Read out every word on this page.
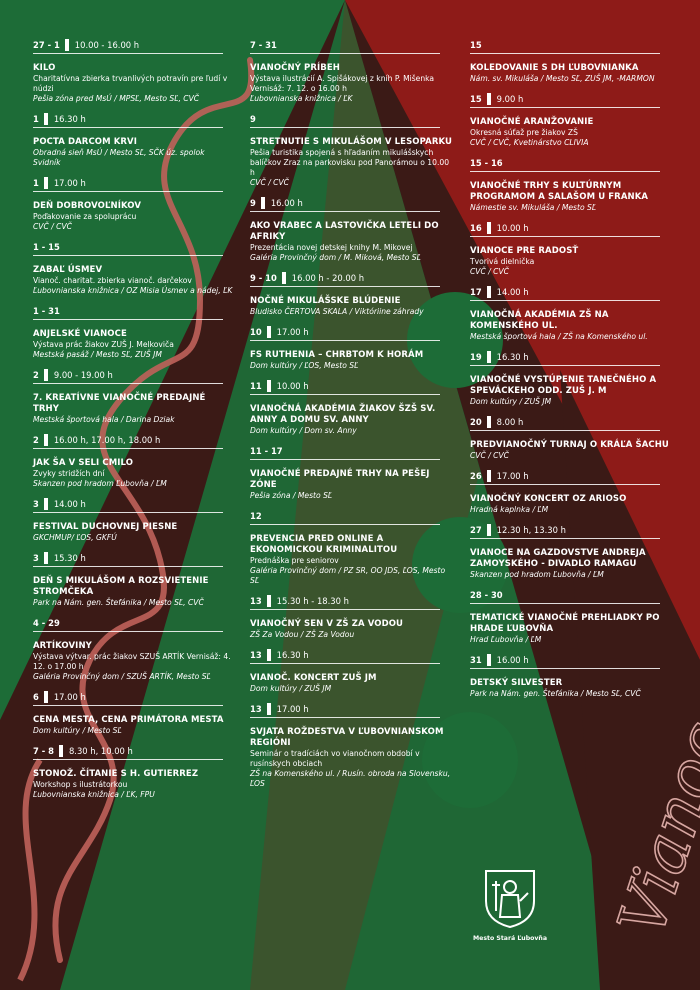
27 - 1 10.00 - 16.00 h
KILO
Charitatívna zbierka trvanlivých potravín pre ľudí v núdzi
Pešia zóna pred MsÚ / MPSĽ, Mesto SĽ, CVČ
1 16.30 h
POCTA DARCOM KRVI
Obradná sieň MsÚ / Mesto SĽ, SČK úz. spolok Svidník
1 17.00 h
DEŇ DOBROVOĽNÍKOV
Poďakovanie za spoluprácu
CVČ / CVČ
1 - 15
ZABAĽ ÚSMEV
Vianoč. charitat. zbierka vianoč. darčekov
Ľubovnianska knižnica / OZ Misia Úsmev a nádej, ĽK
1 - 31
ANJELSKÉ VIANOCE
Výstava prác žiakov ZUŠ J. Melkoviča
Mestská pasáž / Mesto SĽ, ZUŠ JM
2 9.00 - 19.00 h
7. KREATÍVNE VIANOČNÉ PREDAJNÉ TRHY
Mestská športová hala / Darina Dziak
2 16.00 h, 17.00 h, 18.00 h
JAK ŠA V SELI CMILO
Zvyky stridžích dní
Skanzen pod hradom Ľubovňa / ĽM
3 14.00 h
FESTIVAL DUCHOVNEJ PIESNE
GKCHMUP/ ĽOS, GKFÚ
3 15.30 h
DEŇ S MIKULÁŠOM A ROZSVIETENIE STROMČEKA
Park na Nám. gen. Štefánika / Mesto SĽ, CVČ
4 - 29
ARTÍKOVINY
Výstava výtvar. prác žiakov SZUŠ ARTÍK Vernisáž: 4. 12. o 17.00 h
Galéria Provinčný dom / SZUŠ ARTÍK, Mesto SĽ
6 17.00 h
CENA MESTA, CENA PRIMÁTORA MESTA
Dom kultúry / Mesto SĽ
7 - 8 8.30 h, 10.00 h
STONOŽ. ČÍTANIE S H. GUTIERREZ
Workshop s ilustrátorkou
Ľubovnianska knižnica / ĽK, FPU
7 - 31
VIANOČNÝ PRÍBEH
Výstava ilustrácií A. Spišákovej z kníh P. Mišenka Vernisáž: 7. 12. o 16.00 h
Ľubovnianska knižnica / ĽK
9
STRETNUTIE S MIKULÁŠOM V LESOPARKU
Pešia turistika spojená s hľadaním mikulášskych balíčkov Zraz na parkovisku pod Panorámou o 10.00 h
CVČ / CVČ
9 16.00 h
AKO VRABEC A LASTOVIČKA LETELI DO AFRIKY
Prezentácia novej detskej knihy M. Mikovej
Galéria Provinčný dom / M. Miková, Mesto SĽ
9 - 10 16.00 h - 20.00 h
NOČNÉ MIKULÁŠSKE BLÚDENIE
Bludisko ČERTOVA SKALA / Viktóriine záhrady
10 17.00 h
FS RUTHENIA – CHRBTOM K HORÁM
Dom kultúry / ĽOS, Mesto SĽ
11 10.00 h
VIANOČNÁ AKADÉMIA ŽIAKOV ŠZŠ SV. ANNY A DOMU SV. ANNY
Dom kultúry / Dom sv. Anny
11 - 17
VIANOČNÉ PREDAJNÉ TRHY NA PEŠEJ ZÓNE
Pešia zóna / Mesto SĽ
12
PREVENCIA PRED ONLINE A EKONOMICKOU KRIMINALITOU
Prednáška pre seniorov
Galéria Provinčný dom / PZ SR, OO JDS, ĽOS, Mesto SĽ
13 15.30 h - 18.30 h
VIANOČNÝ SEN V ZŠ ZA VODOU
ZŠ Za Vodou / ZŠ Za Vodou
13 16.30 h
VIANOČ. KONCERT ZUŠ JM
Dom kultúry / ZUŠ JM
13 17.00 h
SVJATA ROŽDESTVA V ĽUBOVNIANSKOM REGIÓNI
Seminár o tradíciách vo vianočnom období v rusínskych obciach
ZŠ na Komenského ul. / Rusín. obroda na Slovensku, ĽOS
15
KOLEDOVANIE S DH ĽUBOVNIANKA
Nám. sv. Mikuláša / Mesto SĽ, ZUŠ JM, -MARMON
15 9.00 h
VIANOČNÉ ARANŽOVANIE
Okresná súťaž pre žiakov ZŠ
CVČ / CVČ, Kvetinárstvo CLIVIA
15 - 16
VIANOČNÉ TRHY S KULTÚRNYM PROGRAMOM A SALAŠOM U FRANKA
Námestie sv. Mikuláša / Mesto SĽ
16 10.00 h
VIANOCE PRE RADOSŤ
Tvorivá dielnička
CVČ / CVČ
17 14.00 h
VIANOČNÁ AKADÉMIA ZŠ NA KOMENSKÉHO UL.
Mestská športová hala / ZŠ na Komenského ul.
19 16.30 h
VIANOČNÉ VYSTÚPENIE TANEČNÉHO A SPEVÁCKEHO ODD. ZUŠ J. M
Dom kultúry / ZUŠ JM
20 8.00 h
PREDVIANOČNÝ TURNAJ O KRÁĽA ŠACHU
CVČ / CVČ
26 17.00 h
VIANOČNÝ KONCERT OZ ARIOSO
Hradná kaplnka / ĽM
27 12.30 h, 13.30 h
VIANOCE NA GAZDOVSTVE ANDREJA ZAMOYSKÉHO - DIVADLO RAMAGU
Skanzen pod hradom Ľubovňa / ĽM
28 - 30
TEMATICKÉ VIANOČNÉ PREHLIADKY PO HRADE ĽUBOVŇA
Hrad Ľubovňa / ĽM
31 16.00 h
DETSKÝ SILVESTER
Park na Nám. gen. Štefánika / Mesto SĽ, CVČ
Mesto Stará Ľubovňa
